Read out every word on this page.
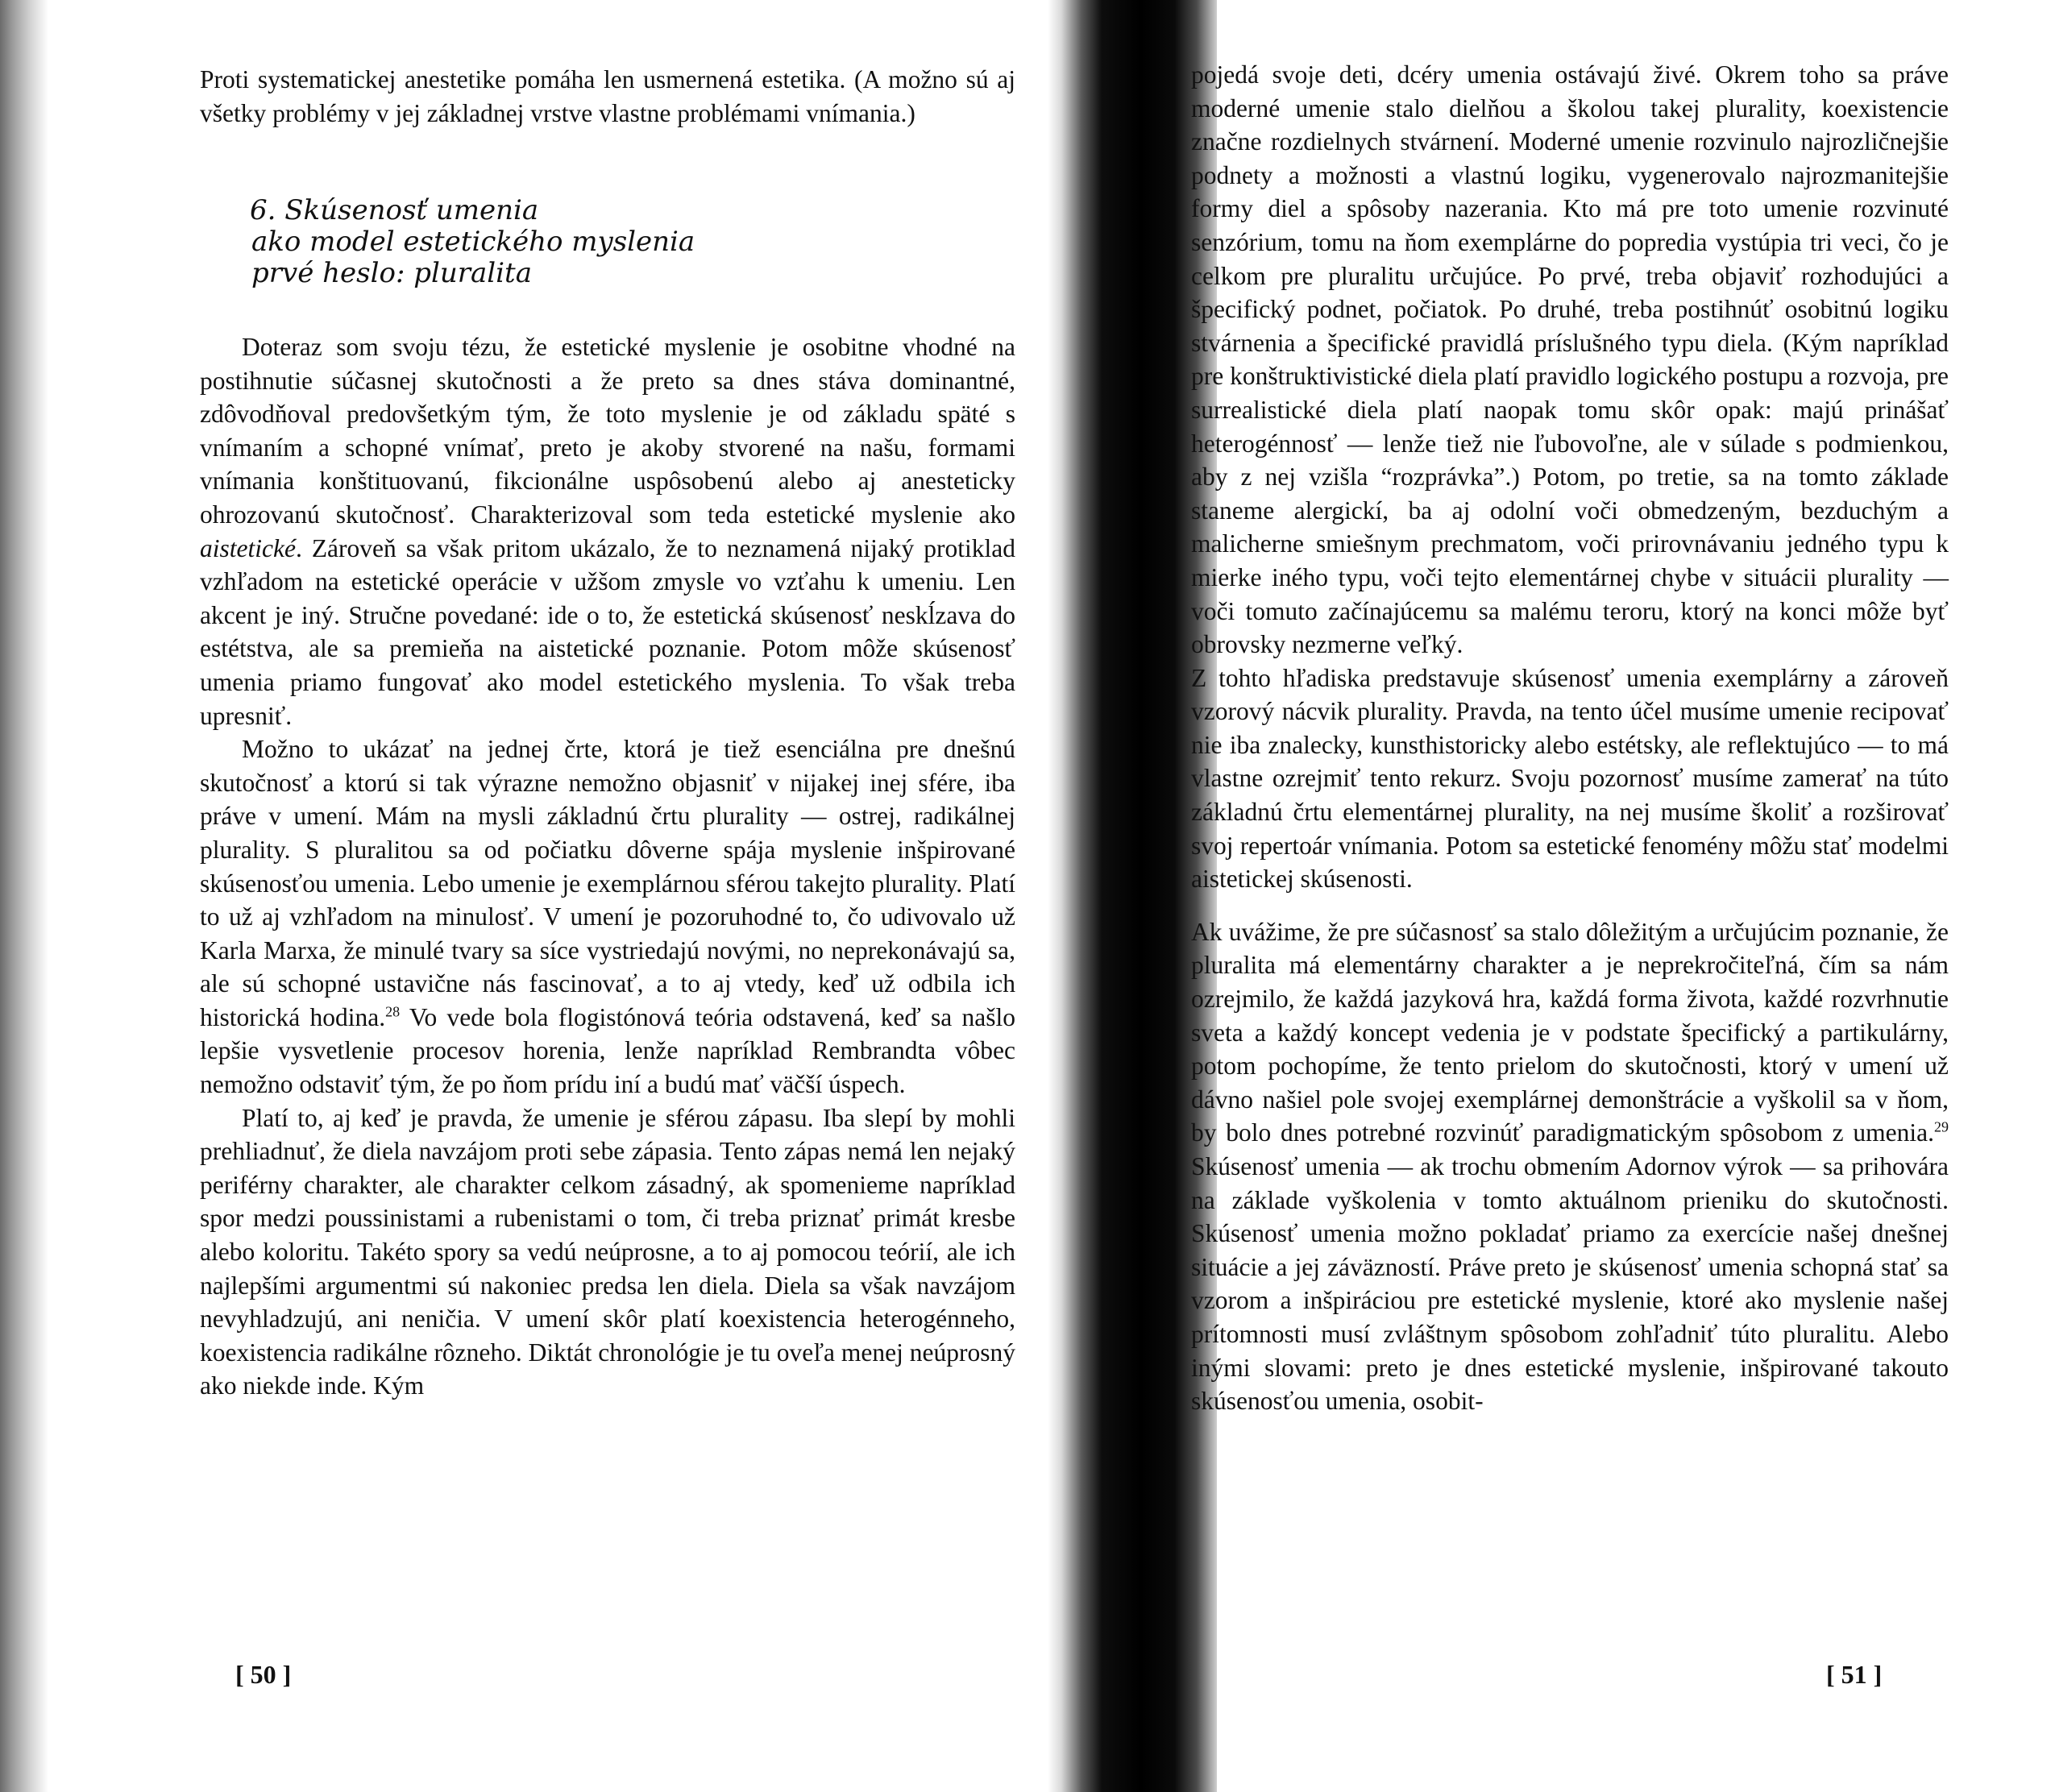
Proti systematickej anestetike pomáha len usmernená estetika. (A možno sú aj všetky problémy v jej základnej vrstve vlastne problémami vnímania.)

6. Skúsenosť umenia
ako model estetického myslenia
prvé heslo: pluralita

Doteraz som svoju tézu, že estetické myslenie je osobitne vhodné na postihnutie súčasnej skutočnosti a že preto sa dnes stáva dominantné, zdôvodňoval predovšetkým tým, že toto myslenie je od základu späté s vnímaním a schopné vnímať, preto je akoby stvorené na našu, formami vnímania konštituovanú, fikcionálne uspôsobenú alebo aj anesteticky ohrozovanú skutočnosť. Charakterizoval som teda estetické myslenie ako aistetické. Zároveň sa však pritom ukázalo, že to neznamená nijaký protiklad vzhľadom na estetické operácie v užšom zmysle vo vzťahu k umeniu. Len akcent je iný. Stručne povedané: ide o to, že estetická skúsenosť neskĺzava do estétstva, ale sa premieňa na aistetické poznanie. Potom môže skúsenosť umenia priamo fungovať ako model estetického myslenia. To však treba upresniť.

Možno to ukázať na jednej črte, ktorá je tiež esenciálna pre dnešnú skutočnosť a ktorú si tak výrazne nemožno objasniť v nijakej inej sfére, iba práve v umení. Mám na mysli základnú črtu plurality — ostrej, radikálnej plurality. S pluralitou sa od počiatku dôverne spája myslenie inšpirované skúsenosťou umenia. Lebo umenie je exemplárnou sférou takejto plurality. Platí to už aj vzhľadom na minulosť. V umení je pozoruhodné to, čo udivovalo už Karla Marxa, že minulé tvary sa síce vystriedajú novými, no neprekonávajú sa, ale sú schopné ustavične nás fascinovať, a to aj vtedy, keď už odbila ich historická hodina.$^{28}$ Vo vede bola flogistónová teória odstavená, keď sa našlo lepšie vysvetlenie procesov horenia, lenže napríklad Rembrandta vôbec nemožno odstaviť tým, že po ňom prídu iní a budú mať väčší úspech.

Platí to, aj keď je pravda, že umenie je sférou zápasu. Iba slepí by mohli prehliadnuť, že diela navzájom proti sebe zápasia. Tento zápas nemá len nejaký periférny charakter, ale charakter celkom zásadný, ak spomenieme napríklad spor medzi poussinistami a rubenistami o tom, či treba priznať primát kresbe alebo koloritu. Takéto spory sa vedú neúprosne, a to aj pomocou teórií, ale ich najlepšími argumentmi sú nakoniec predsa len diela. Diela sa však navzájom nevyhladzujú, ani neničia. V umení skôr platí koexistencia heterogénneho, koexistencia radikálne rôzneho. Diktát chronológie je tu oveľa menej neúprosný ako niekde inde. Kým

[ 50 ]

pojedá svoje deti, dcéry umenia ostávajú živé. Okrem toho sa práve moderné umenie stalo dielňou a školou takej plurality, koexistencie značne rozdielnych stvárnení. Moderné umenie rozvinulo najrozličnejšie podnety a možnosti a vlastnú logiku, vygenerovalo najrozmanitejšie formy diel a spôsoby nazerania. Kto má pre toto umenie rozvinuté senzórium, tomu na ňom exemplárne do popredia vystúpia tri veci, čo je celkom pre pluralitu určujúce. Po prvé, treba objaviť rozhodujúci a špecifický podnet, počiatok. Po druhé, treba postihnúť osobitnú logiku stvárnenia a špecifické pravidlá príslušného typu diela. (Kým napríklad pre konštruktivistické diela platí pravidlo logického postupu a rozvoja, pre surrealistické diela platí naopak tomu skôr opak: majú prinášať heterogénnosť — lenže tiež nie ľubovoľne, ale v súlade s podmienkou, aby z nej vzišla “rozprávka”.) Potom, po tretie, sa na tomto základe staneme alergickí, ba aj odolní voči obmedzeným, bezduchým a malicherne smiešnym prechmatom, voči prirovnávaniu jedného typu k mierke iného typu, voči tejto elementárnej chybe v situácii plurality — voči tomuto začínajúcemu sa malému teroru, ktorý na konci môže byť obrovsky nezmerne veľký.

Z tohto hľadiska predstavuje skúsenosť umenia exemplárny a zároveň vzorový nácvik plurality. Pravda, na tento účel musíme umenie recipovať nie iba znalecky, kunsthistoricky alebo estétsky, ale reflektujúco — to má vlastne ozrejmiť tento rekurz. Svoju pozornosť musíme zamerať na túto základnú črtu elementárnej plurality, na nej musíme školiť a rozširovať svoj repertoár vnímania. Potom sa estetické fenomény môžu stať modelmi aistetickej skúsenosti.

Ak uvážime, že pre súčasnosť sa stalo dôležitým a určujúcim poznanie, že pluralita má elementárny charakter a je neprekročiteľná, čím sa nám ozrejmilo, že každá jazyková hra, každá forma života, každé rozvrhnutie sveta a každý koncept vedenia je v podstate špecifický a partikulárny, potom pochopíme, že tento prielom do skutočnosti, ktorý v umení už dávno našiel pole svojej exemplárnej demonštrácie a vyškolil sa v ňom, by bolo dnes potrebné rozvinúť paradigmatickým spôsobom z umenia.$^{29}$ Skúsenosť umenia — ak trochu obmením Adornov výrok — sa prihovára na základe vyškolenia v tomto aktuálnom prieniku do skutočnosti. Skúsenosť umenia možno pokladať priamo za exercície našej dnešnej situácie a jej záväzností. Práve preto je skúsenosť umenia schopná stať sa vzorom a inšpiráciou pre estetické myslenie, ktoré ako myslenie našej prítomnosti musí zvláštnym spôsobom zohľadniť túto pluralitu. Alebo inými slovami: preto je dnes estetické myslenie, inšpirované takouto skúsenosťou umenia, osobit-

[ 51 ]
